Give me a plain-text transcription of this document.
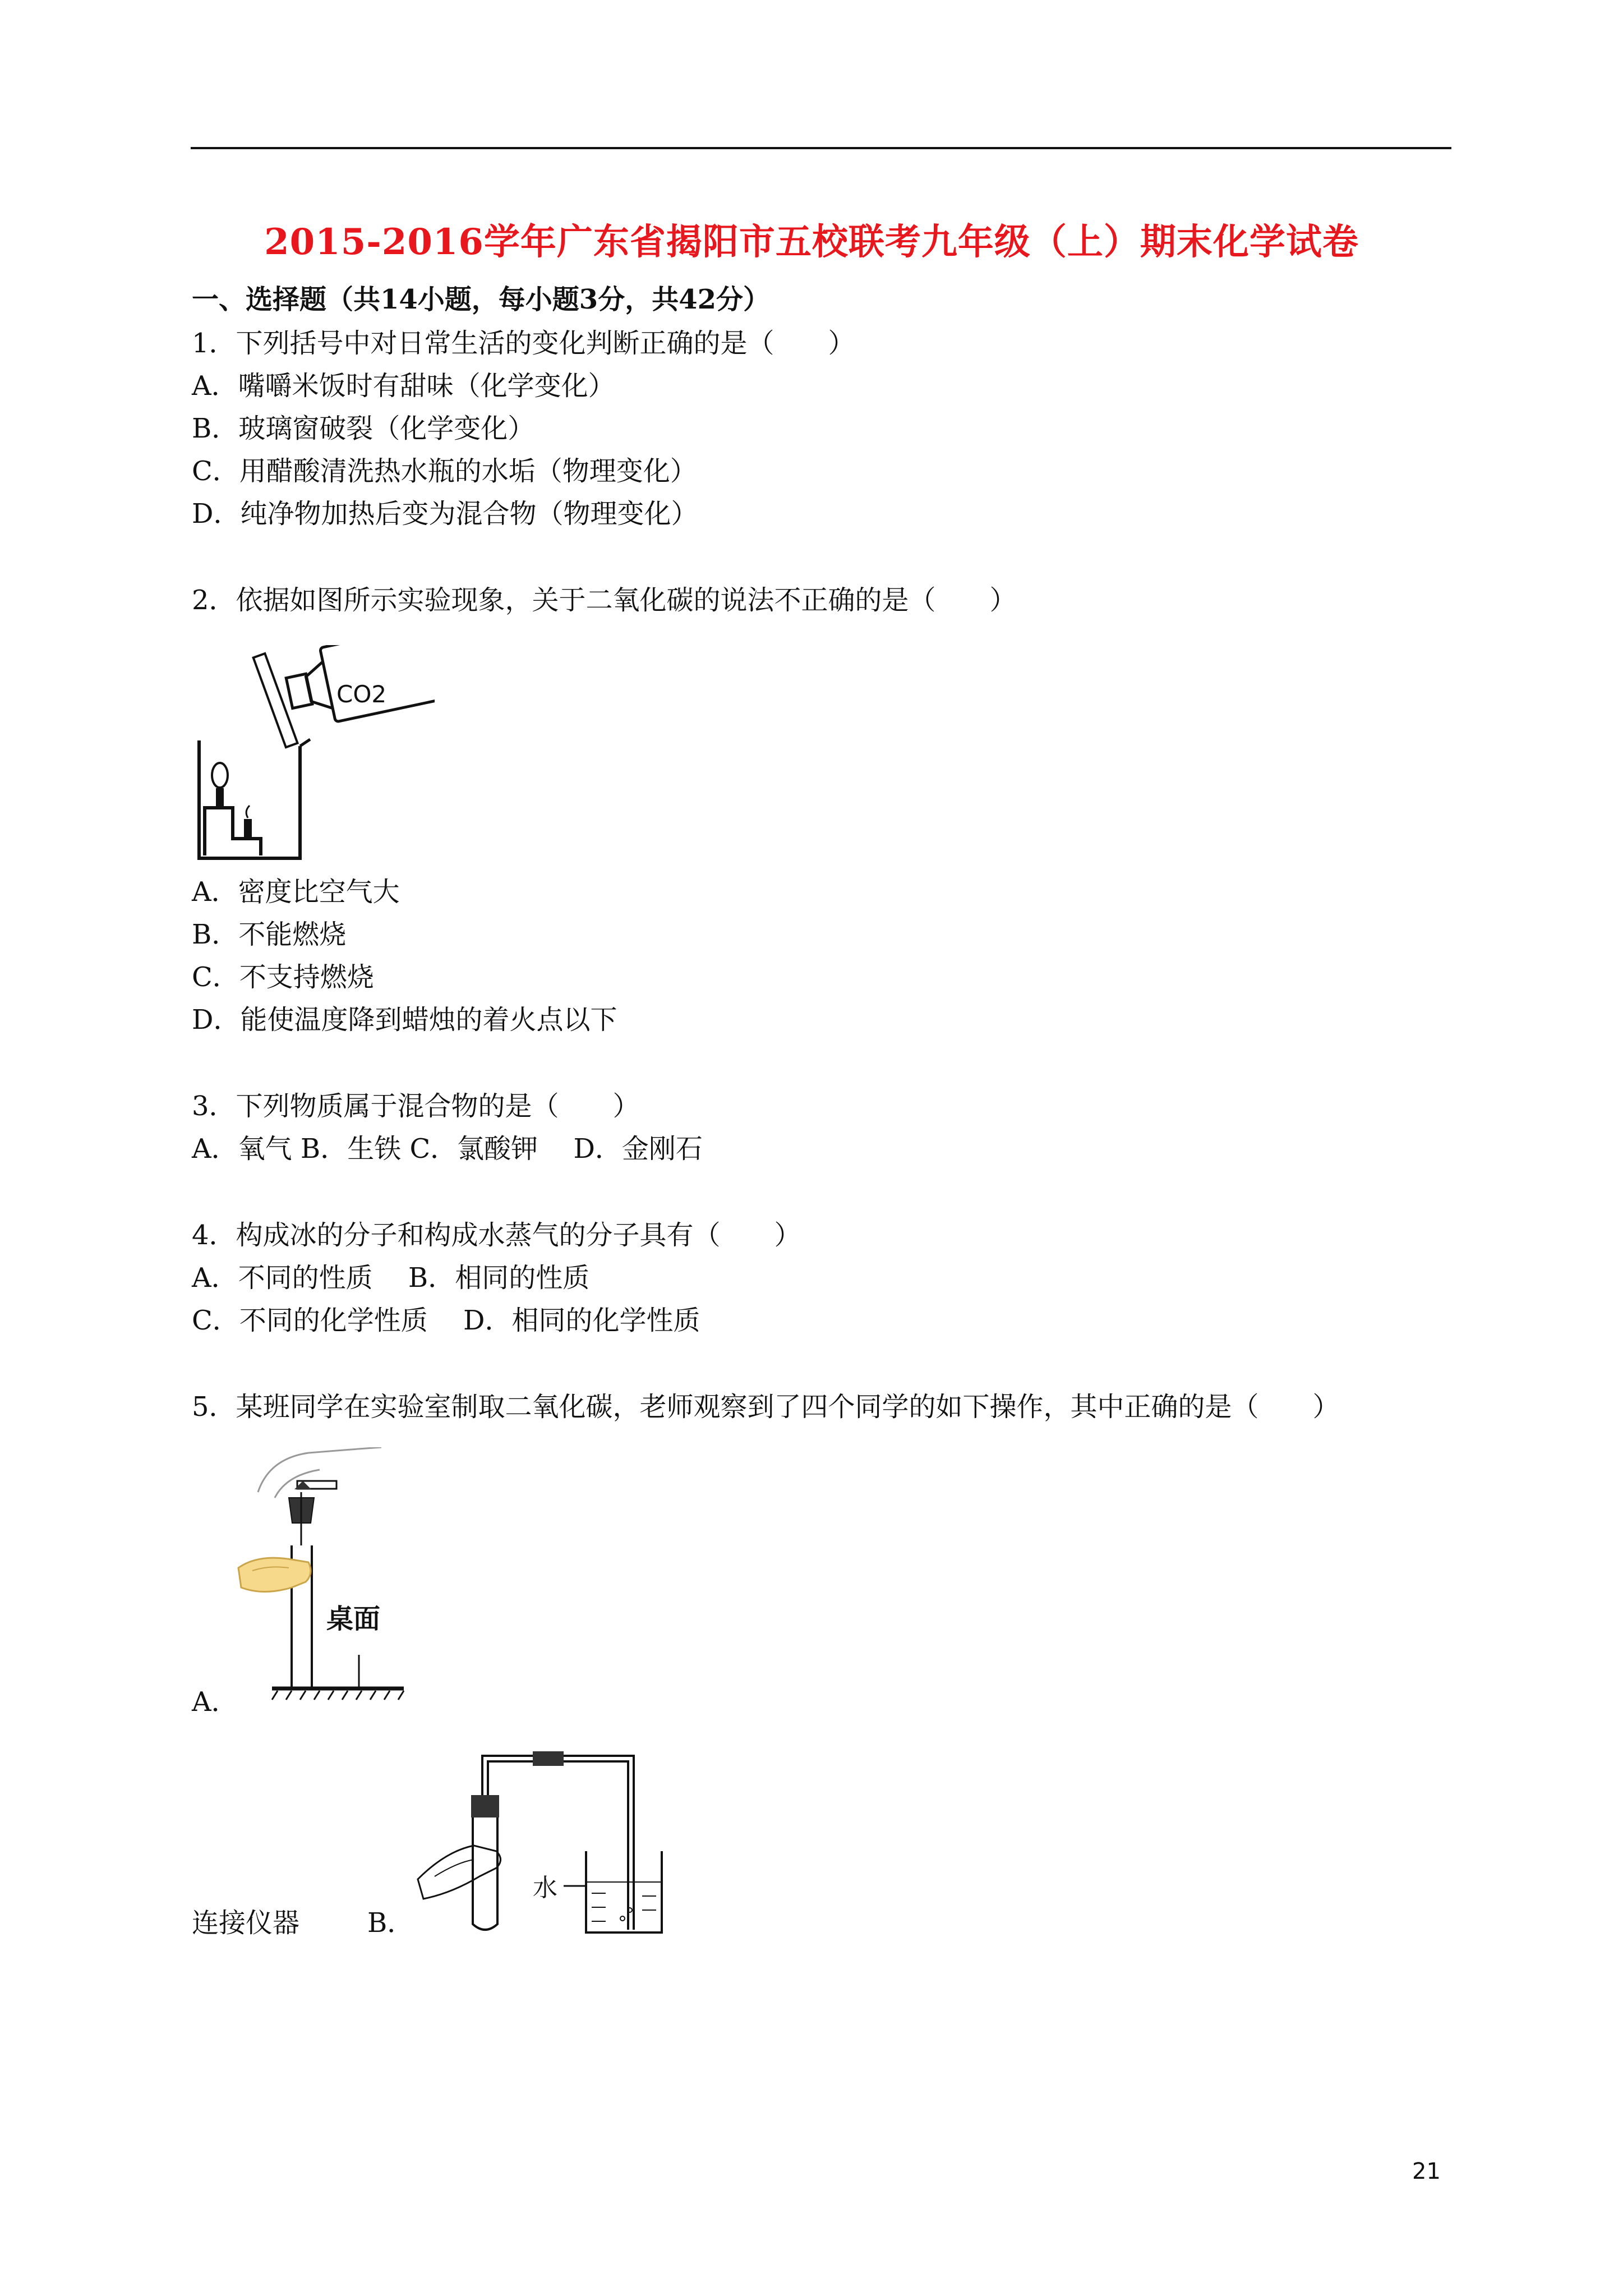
2015-2016学年广东省揭阳市五校联考九年级（上）期末化学试卷
一、选择题（共14小题，每小题3分，共42分）
1．下列括号中对日常生活的变化判断正确的是（　　）
A．嘴嚼米饭时有甜味（化学变化）
B．玻璃窗破裂（化学变化）
C．用醋酸清洗热水瓶的水垢（物理变化）
D．纯净物加热后变为混合物（物理变化）
2．依据如图所示实验现象，关于二氧化碳的说法不正确的是（　　）
CO2
A．密度比空气大
B．不能燃烧
C．不支持燃烧
D．能使温度降到蜡烛的着火点以下
3．下列物质属于混合物的是（　　）
A．氧气 B．生铁 C．氯酸钾　 D．金刚石
4．构成冰的分子和构成水蒸气的分子具有（　　）
A．不同的性质　 B．相同的性质
C．不同的化学性质　 D．相同的化学性质
5．某班同学在实验室制取二氧化碳，老师观察到了四个同学的如下操作，其中正确的是（　　）
桌面
A．
水
连接仪器	B．
21
